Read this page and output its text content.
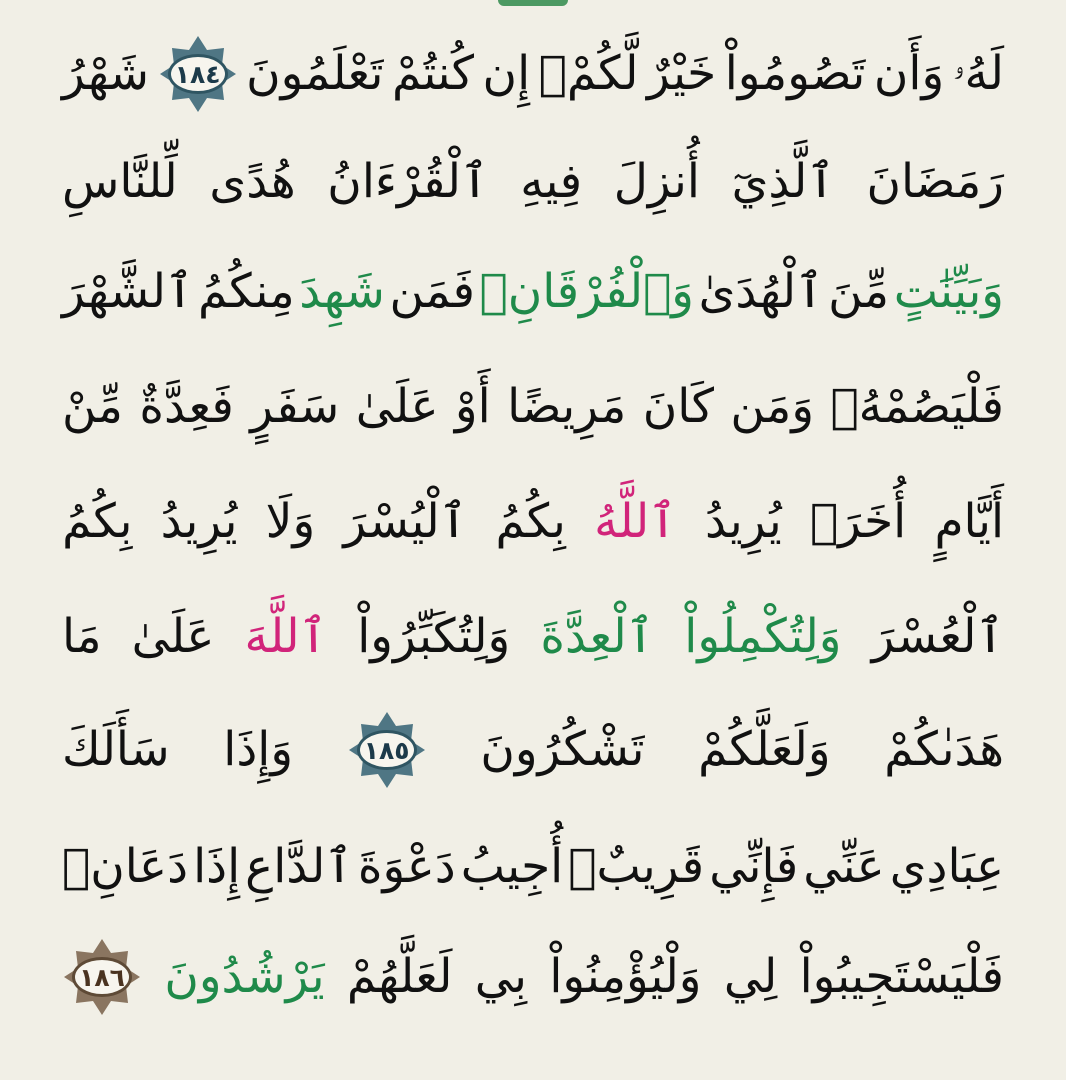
لَهُۥ
وَأَن
تَصُومُواْ
خَيْرٌ
لَّكُمْۖ
إِن
كُنتُمْ
تَعْلَمُونَ
١٨٤
شَهْرُ
رَمَضَانَ
ٱلَّذِيٓ
أُنزِلَ
فِيهِ
ٱلْقُرْءَانُ
هُدًى
لِّلنَّاسِ
وَبَيِّنَٰتٍ
مِّنَ
ٱلْهُدَىٰ
وَٱلْفُرْقَانِۚ
فَمَن
شَهِدَ
مِنكُمُ
ٱلشَّهْرَ
فَلْيَصُمْهُۖ
وَمَن
كَانَ
مَرِيضًا
أَوْ
عَلَىٰ
سَفَرٍ
فَعِدَّةٌ
مِّنْ
أَيَّامٍ
أُخَرَۗ
يُرِيدُ
ٱللَّهُ
بِكُمُ
ٱلْيُسْرَ
وَلَا
يُرِيدُ
بِكُمُ
ٱلْعُسْرَ
وَلِتُكْمِلُواْ
ٱلْعِدَّةَ
وَلِتُكَبِّرُواْ
ٱللَّهَ
عَلَىٰ
مَا
هَدَىٰكُمْ
وَلَعَلَّكُمْ
تَشْكُرُونَ
١٨٥
وَإِذَا
سَأَلَكَ
عِبَادِي
عَنِّي
فَإِنِّي
قَرِيبٌۖ
أُجِيبُ
دَعْوَةَ
ٱلدَّاعِ
إِذَا
دَعَانِۖ
فَلْيَسْتَجِيبُواْ
لِي
وَلْيُؤْمِنُواْ
بِي
لَعَلَّهُمْ
يَرْشُدُونَ
١٨٦
